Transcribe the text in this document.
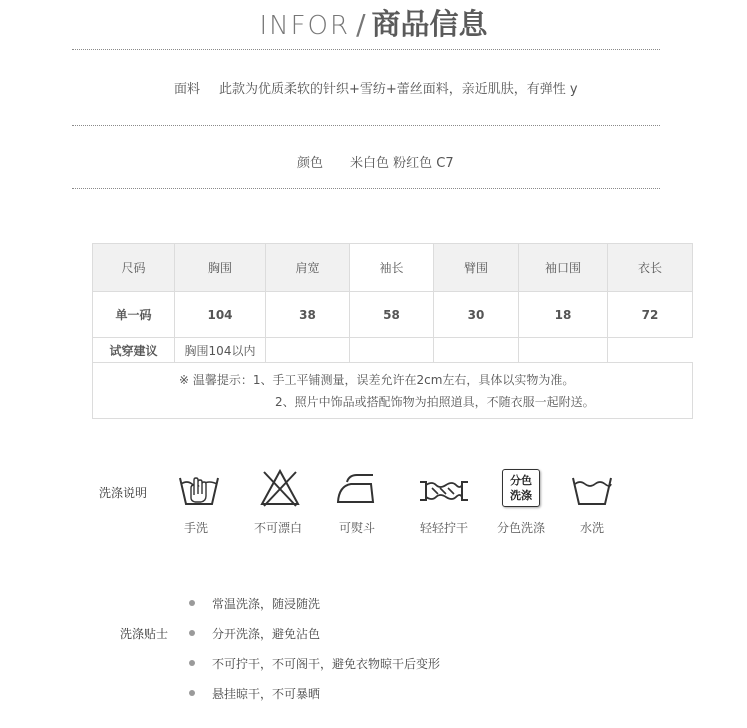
INFOR / 商品信息
面料 此款为优质柔软的针织+雪纺+蕾丝面料，亲近肌肤，有弹性 y
颜色 米白色 粉红色 C7
尺码	胸围	肩宽	袖长	臂围	袖口围	衣长
单一码	104	38	58	30	18	72
试穿建议	胸围104以内					

※ 温馨提示：1、手工平铺测量，误差允许在2cm左右，具体以实物为准。
2、照片中饰品或搭配饰物为拍照道具，不随衣服一起附送。						
洗涤说明
手洗	不可漂白	可熨斗	轻轻拧干
分色
洗涤
分色洗涤	水洗
洗涤贴士
常温洗涤，随浸随洗
分开洗涤，避免沾色
不可拧干，不可阁干，避免衣物晾干后变形
悬挂晾干，不可暴晒
